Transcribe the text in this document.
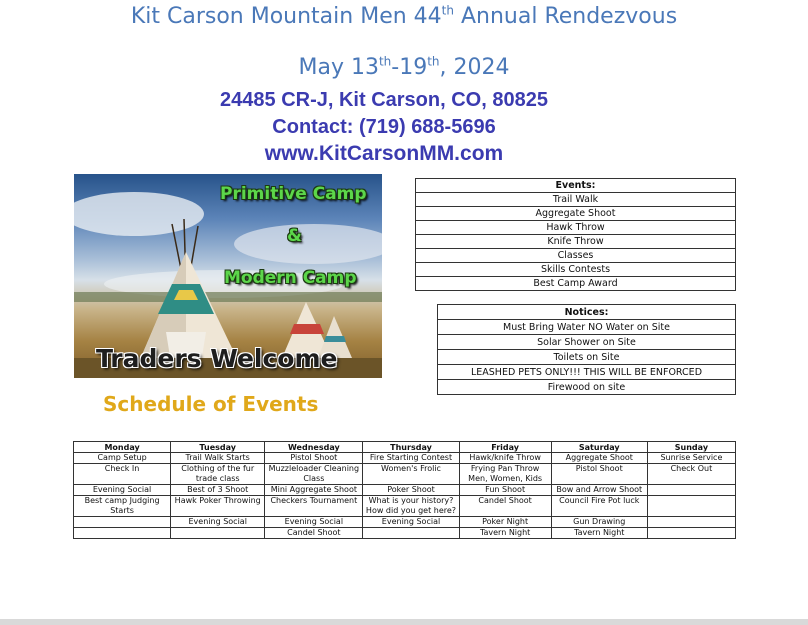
Kit Carson Mountain Men 44th Annual Rendezvous
May 13th-19th, 2024
24485 CR-J, Kit Carson, CO, 80825
Contact: (719) 688-5696
www.KitCarsonMM.com
Primitive Camp
&
Modern Camp
Traders Welcome
Events:
Trail Walk
Aggregate Shoot
Hawk Throw
Knife Throw
Classes
Skills Contests
Best Camp Award
Notices:
Must Bring Water NO Water on Site
Solar Shower on Site
Toilets on Site
LEASHED PETS ONLY!!! THIS WILL BE ENFORCED
Firewood on site
Schedule of Events
Monday	Tuesday	Wednesday	Thursday	Friday	Saturday	Sunday
Camp Setup	Trail Walk Starts	Pistol Shoot	Fire Starting Contest	Hawk/knife Throw	Aggregate Shoot	Sunrise Service
Check In	Clothing of the fur trade class	Muzzleloader Cleaning Class	Women's Frolic	Frying Pan Throw Men, Women, Kids	Pistol Shoot	Check Out
Evening Social	Best of 3 Shoot	Mini Aggregate Shoot	Poker Shoot	Fun Shoot	Bow and Arrow Shoot	
Best camp Judging Starts	Hawk Poker Throwing	Checkers Tournament	What is your history? How did you get here?	Candel Shoot	Council Fire Pot luck	
	Evening Social	Evening Social	Evening Social	Poker Night	Gun Drawing	
		Candel Shoot		Tavern Night	Tavern Night	
